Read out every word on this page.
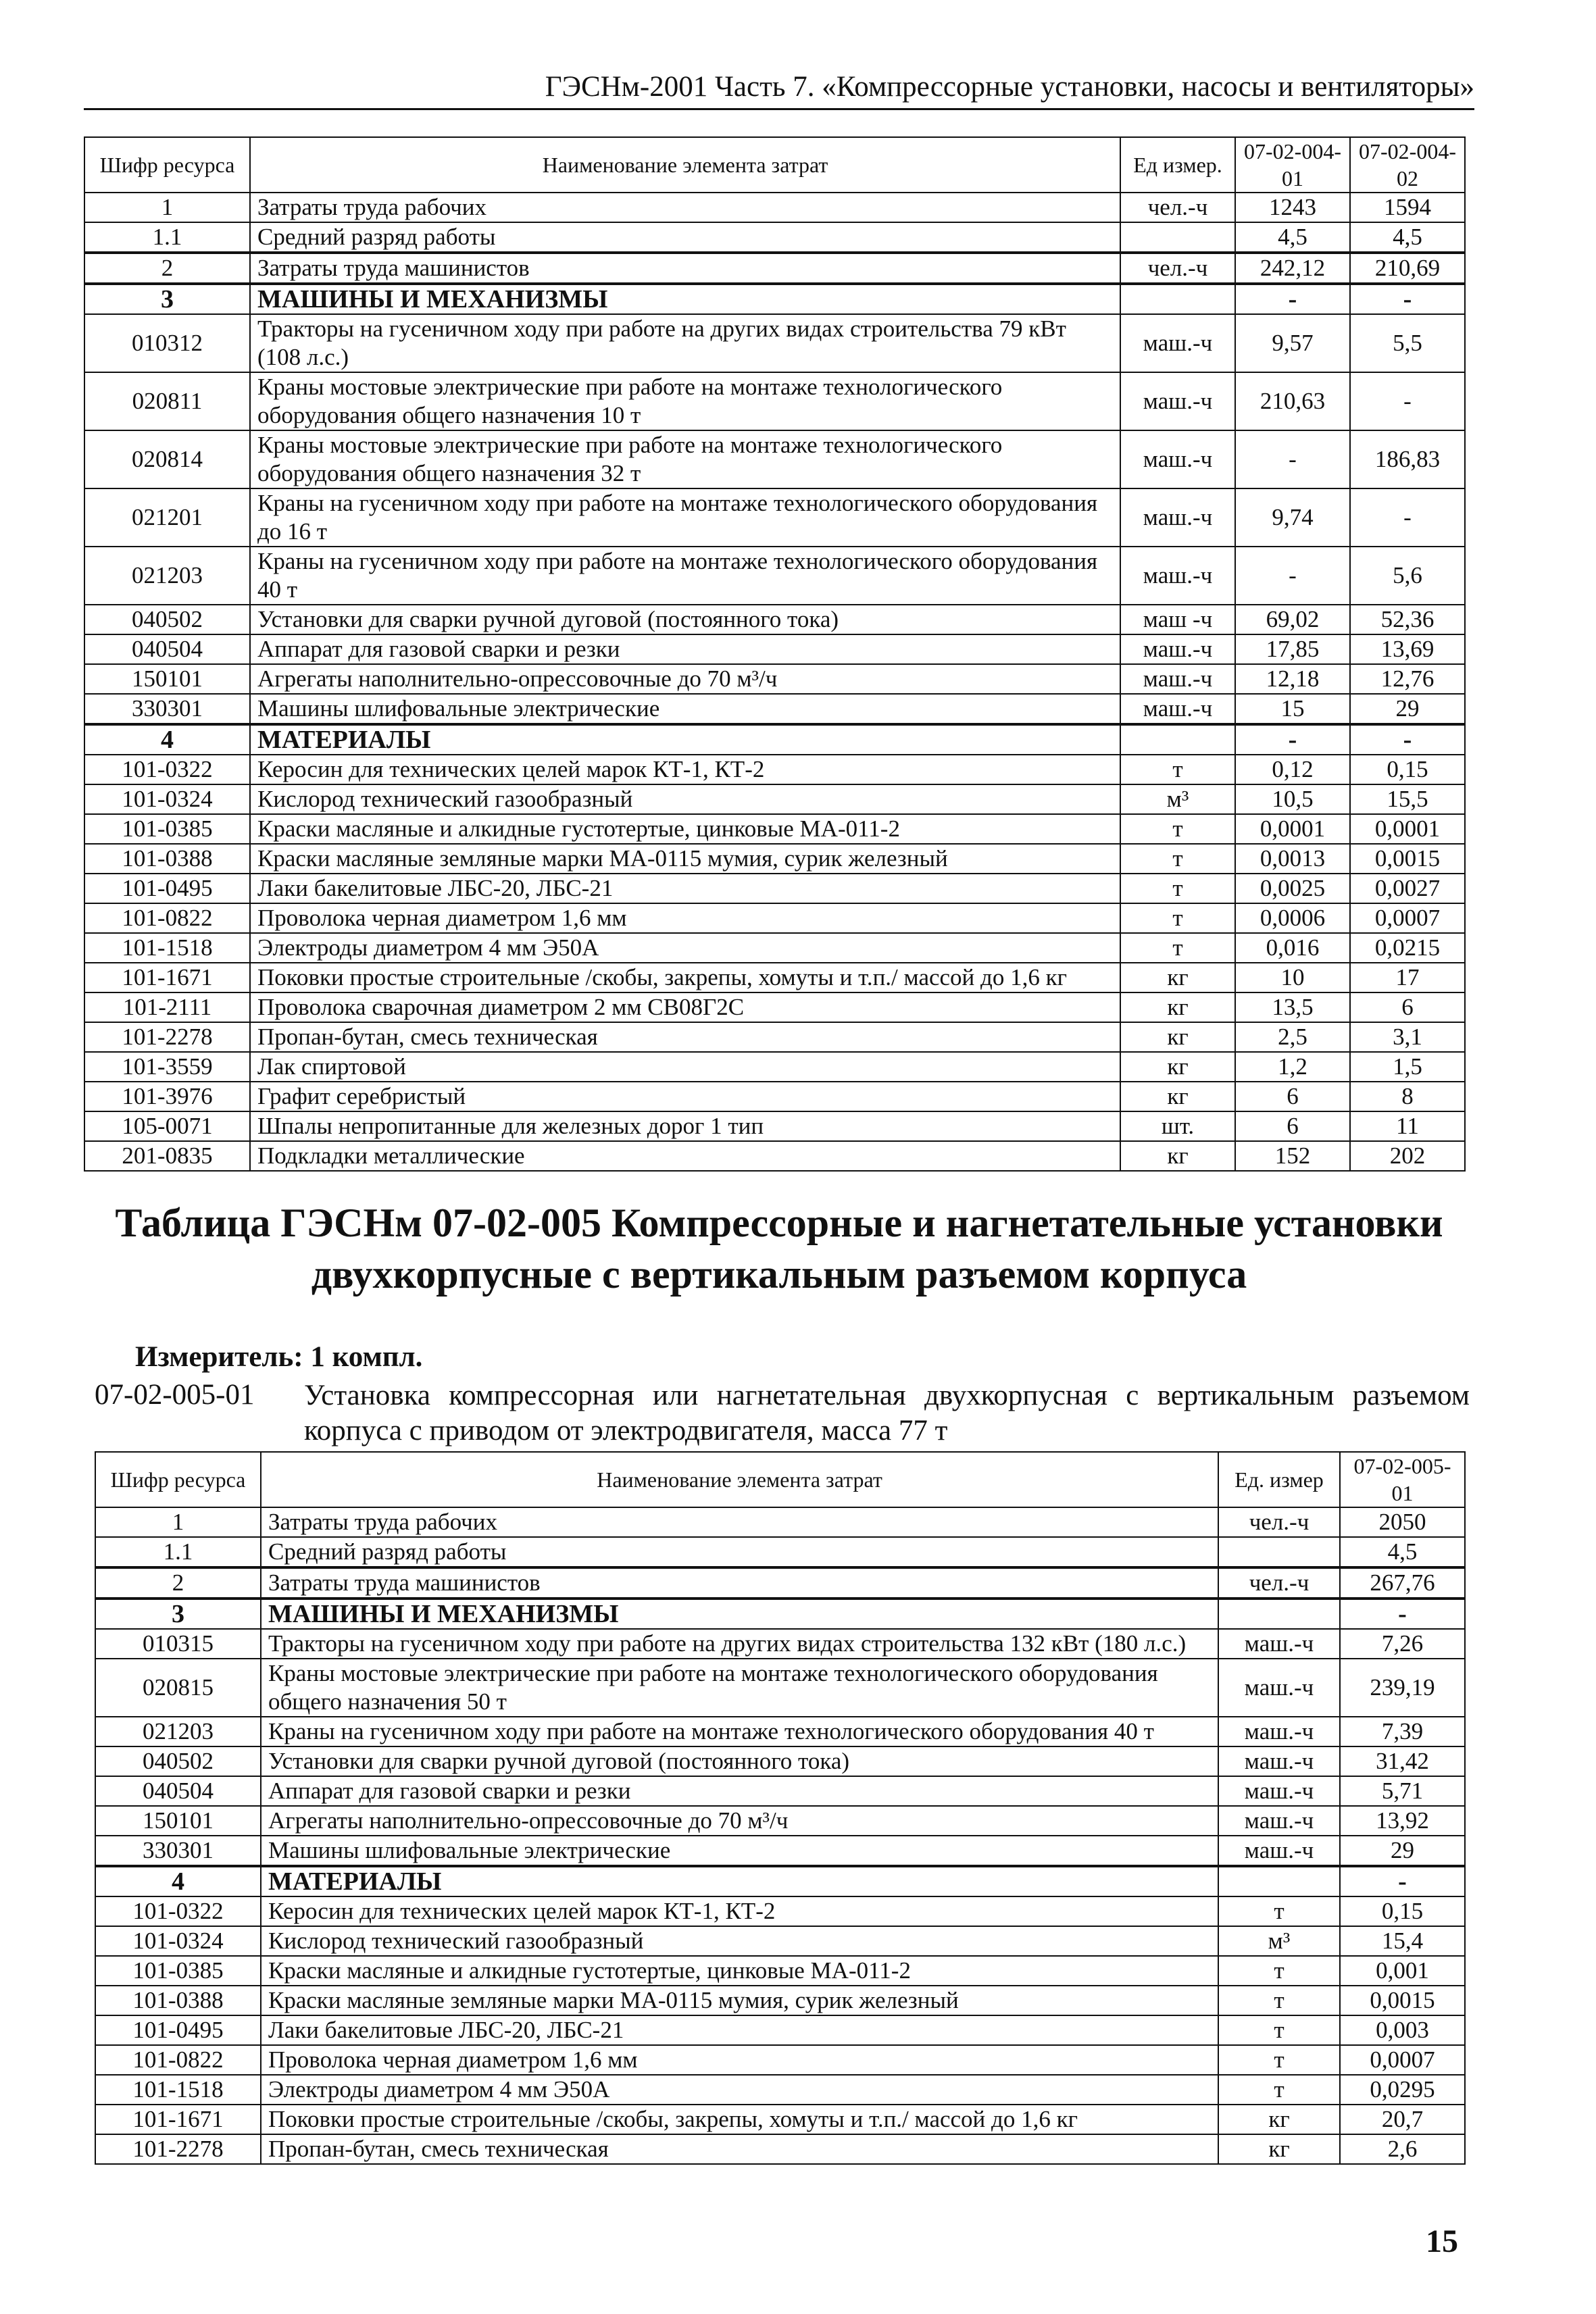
ГЭСНм-2001 Часть 7. «Компрессорные установки, насосы и вентиляторы»
Шифр ресурса	Наименование элемента затрат	Ед измер.	07-02-004-01	07-02-004-02
1	Затраты труда рабочих	чел.-ч	1243	1594
1.1	Средний разряд работы		4,5	4,5
2	Затраты труда машинистов	чел.-ч	242,12	210,69
3	МАШИНЫ И МЕХАНИЗМЫ		-	-
010312	Тракторы на гусеничном ходу при работе на других видах строительства 79 кВт (108 л.с.)	маш.-ч	9,57	5,5
020811	Краны мостовые электрические при работе на монтаже технологического оборудования общего назначения 10 т	маш.-ч	210,63	-
020814	Краны мостовые электрические при работе на монтаже технологического оборудования общего назначения 32 т	маш.-ч	-	186,83
021201	Краны на гусеничном ходу при работе на монтаже технологического оборудования до 16 т	маш.-ч	9,74	-
021203	Краны на гусеничном ходу при работе на монтаже технологического оборудования 40 т	маш.-ч	-	5,6
040502	Установки для сварки ручной дуговой (постоянного тока)	маш -ч	69,02	52,36
040504	Аппарат для газовой сварки и резки	маш.-ч	17,85	13,69
150101	Агрегаты наполнительно-опрессовочные до 70 м³/ч	маш.-ч	12,18	12,76
330301	Машины шлифовальные электрические	маш.-ч	15	29
4	МАТЕРИАЛЫ		-	-
101-0322	Керосин для технических целей марок КТ-1, КТ-2	т	0,12	0,15
101-0324	Кислород технический газообразный	м³	10,5	15,5
101-0385	Краски масляные и алкидные густотертые, цинковые МА-011-2	т	0,0001	0,0001
101-0388	Краски масляные земляные марки МА-0115 мумия, сурик железный	т	0,0013	0,0015
101-0495	Лаки бакелитовые ЛБС-20, ЛБС-21	т	0,0025	0,0027
101-0822	Проволока черная диаметром 1,6 мм	т	0,0006	0,0007
101-1518	Электроды диаметром 4 мм Э50А	т	0,016	0,0215
101-1671	Поковки простые строительные /скобы, закрепы, хомуты и т.п./ массой до 1,6 кг	кг	10	17
101-2111	Проволока сварочная диаметром 2 мм СВ08Г2С	кг	13,5	6
101-2278	Пропан-бутан, смесь техническая	кг	2,5	3,1
101-3559	Лак спиртовой	кг	1,2	1,5
101-3976	Графит серебристый	кг	6	8
105-0071	Шпалы непропитанные для железных дорог 1 тип	шт.	6	11
201-0835	Подкладки металлические	кг	152	202
Таблица ГЭСНм 07-02-005 Компрессорные и нагнетательные установки двухкорпусные с вертикальным разъемом корпуса
Измеритель: 1 компл.
07-02-005-01 Установка компрессорная или нагнетательная двухкорпусная с вертикальным разъемом корпуса с приводом от электродвигателя, масса 77 т
Шифр ресурса	Наименование элемента затрат	Ед. измер	07-02-005-01
1	Затраты труда рабочих	чел.-ч	2050
1.1	Средний разряд работы		4,5
2	Затраты труда машинистов	чел.-ч	267,76
3	МАШИНЫ И МЕХАНИЗМЫ		-
010315	Тракторы на гусеничном ходу при работе на других видах строительства 132 кВт (180 л.с.)	маш.-ч	7,26
020815	Краны мостовые электрические при работе на монтаже технологического оборудования общего назначения 50 т	маш.-ч	239,19
021203	Краны на гусеничном ходу при работе на монтаже технологического оборудования 40 т	маш.-ч	7,39
040502	Установки для сварки ручной дуговой (постоянного тока)	маш.-ч	31,42
040504	Аппарат для газовой сварки и резки	маш.-ч	5,71
150101	Агрегаты наполнительно-опрессовочные до 70 м³/ч	маш.-ч	13,92
330301	Машины шлифовальные электрические	маш.-ч	29
4	МАТЕРИАЛЫ		-
101-0322	Керосин для технических целей марок КТ-1, КТ-2	т	0,15
101-0324	Кислород технический газообразный	м³	15,4
101-0385	Краски масляные и алкидные густотертые, цинковые МА-011-2	т	0,001
101-0388	Краски масляные земляные марки МА-0115 мумия, сурик железный	т	0,0015
101-0495	Лаки бакелитовые ЛБС-20, ЛБС-21	т	0,003
101-0822	Проволока черная диаметром 1,6 мм	т	0,0007
101-1518	Электроды диаметром 4 мм Э50А	т	0,0295
101-1671	Поковки простые строительные /скобы, закрепы, хомуты и т.п./ массой до 1,6 кг	кг	20,7
101-2278	Пропан-бутан, смесь техническая	кг	2,6
15
